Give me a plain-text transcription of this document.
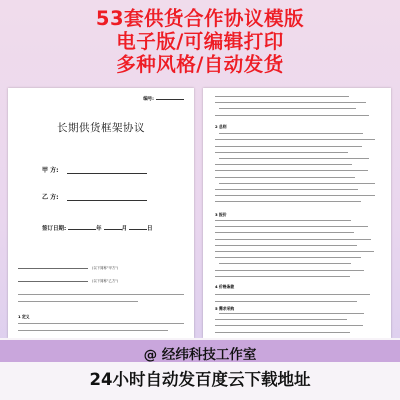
53套供货合作协议模版
电子版/可编辑打印
多种风格/自动发货
编号:
长期供货框架协议
甲 方:
乙 方:
签订日期:	年	月	日
(以下简称"甲方")
(以下简称"乙方")
1 定义
2 总则
3 报价
4 价格条款
5 需求采购
@ 经纬科技工作室
24小时自动发百度云下载地址
